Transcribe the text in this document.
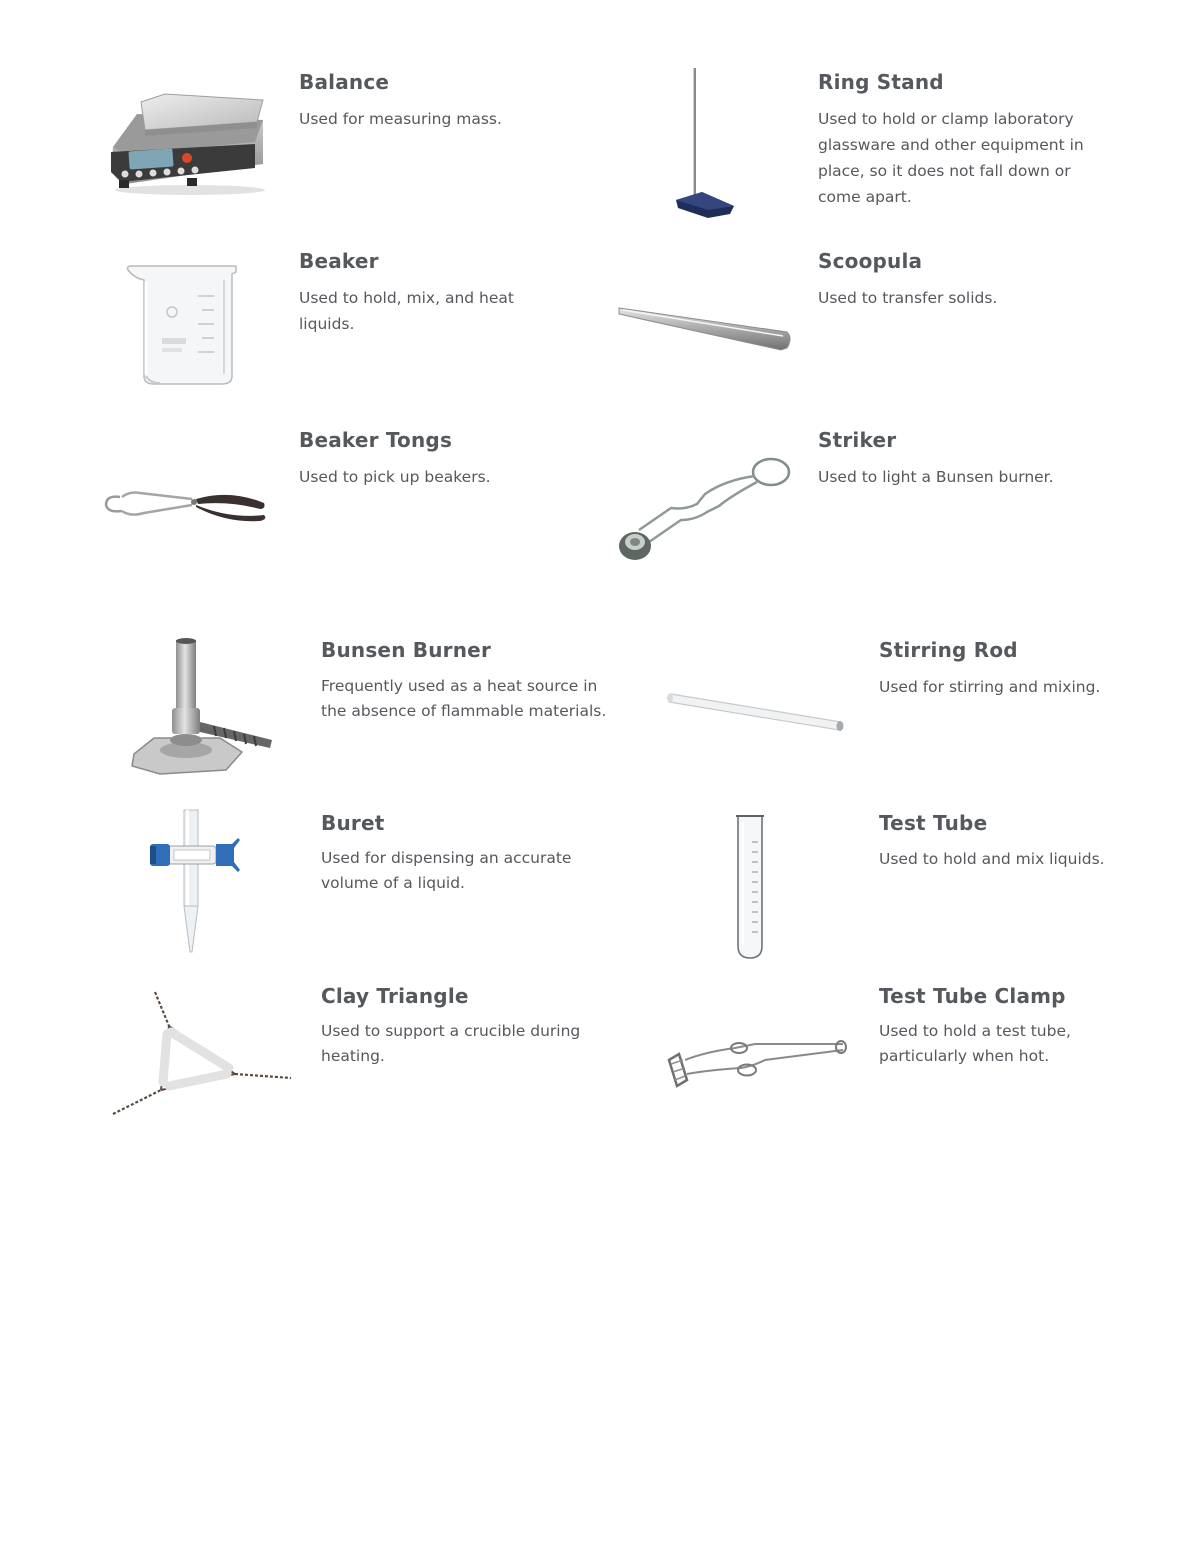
Balance

Used for measuring mass.

Ring Stand

Used to hold or clamp laboratory glassware and other equipment in place, so it does not fall down or come apart.

Beaker

Used to hold, mix, and heat liquids.

Scoopula

Used to transfer solids.

Beaker Tongs

Used to pick up beakers.

Striker

Used to light a Bunsen burner.

Bunsen Burner

Frequently used as a heat source in the absence of flammable materials.

Stirring Rod

Used for stirring and mixing.

Buret

Used for dispensing an accurate volume of a liquid.

Test Tube

Used to hold and mix liquids.

Clay Triangle

Used to support a crucible during heating.

Test Tube Clamp

Used to hold a test tube, particularly when hot.
